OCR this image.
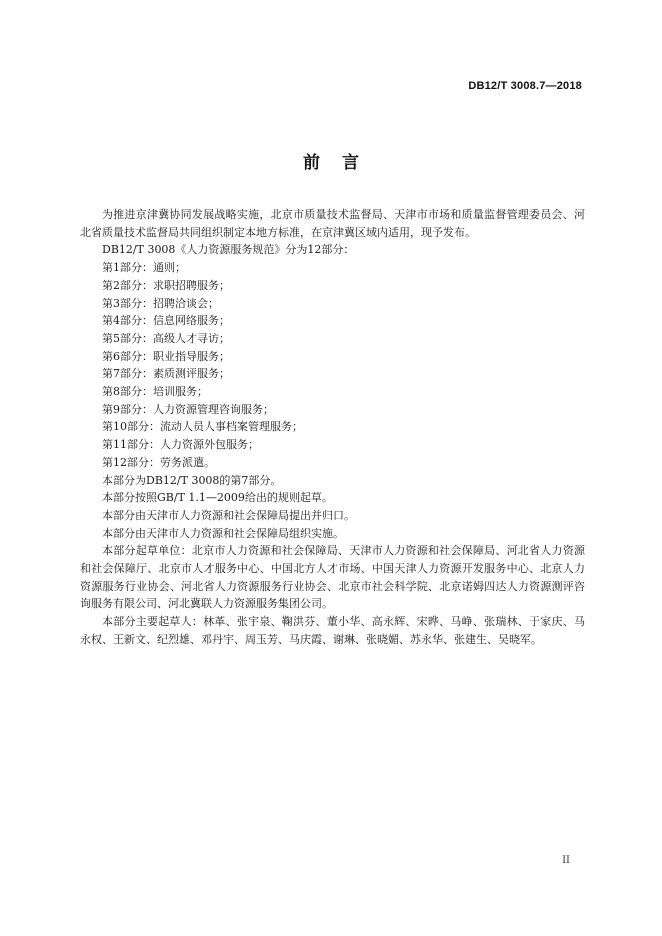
DB12/T 3008.7—2018
前言

为推进京津冀协同发展战略实施，北京市质量技术监督局、天津市市场和质量监督管理委员会、河北省质量技术监督局共同组织制定本地方标准，在京津冀区域内适用，现予发布。

DB12/T 3008《人力资源服务规范》分为12部分：

第1部分：通则；

第2部分：求职招聘服务；

第3部分：招聘洽谈会；

第4部分：信息网络服务；

第5部分：高级人才寻访；

第6部分：职业指导服务；

第7部分：素质测评服务；

第8部分：培训服务；

第9部分：人力资源管理咨询服务；

第10部分：流动人员人事档案管理服务；

第11部分：人力资源外包服务；

第12部分：劳务派遣。

本部分为DB12/T 3008的第7部分。

本部分按照GB/T 1.1—2009给出的规则起草。

本部分由天津市人力资源和社会保障局提出并归口。

本部分由天津市人力资源和社会保障局组织实施。

本部分起草单位：北京市人力资源和社会保障局、天津市人力资源和社会保障局、河北省人力资源和社会保障厅、北京市人才服务中心、中国北方人才市场、中国天津人力资源开发服务中心、北京人力资源服务行业协会、河北省人力资源服务行业协会、北京市社会科学院、北京诺姆四达人力资源测评咨询服务有限公司、河北冀联人力资源服务集团公司。

本部分主要起草人：林革、张宇泉、鞠洪芬、董小华、高永辉、宋晔、马峥、张瑞林、于家庆、马永权、王新文、纪烈雄、邓丹宇、周玉芳、马庆霞、谢琳、张晓媚、苏永华、张建生、吴晓军。

II
